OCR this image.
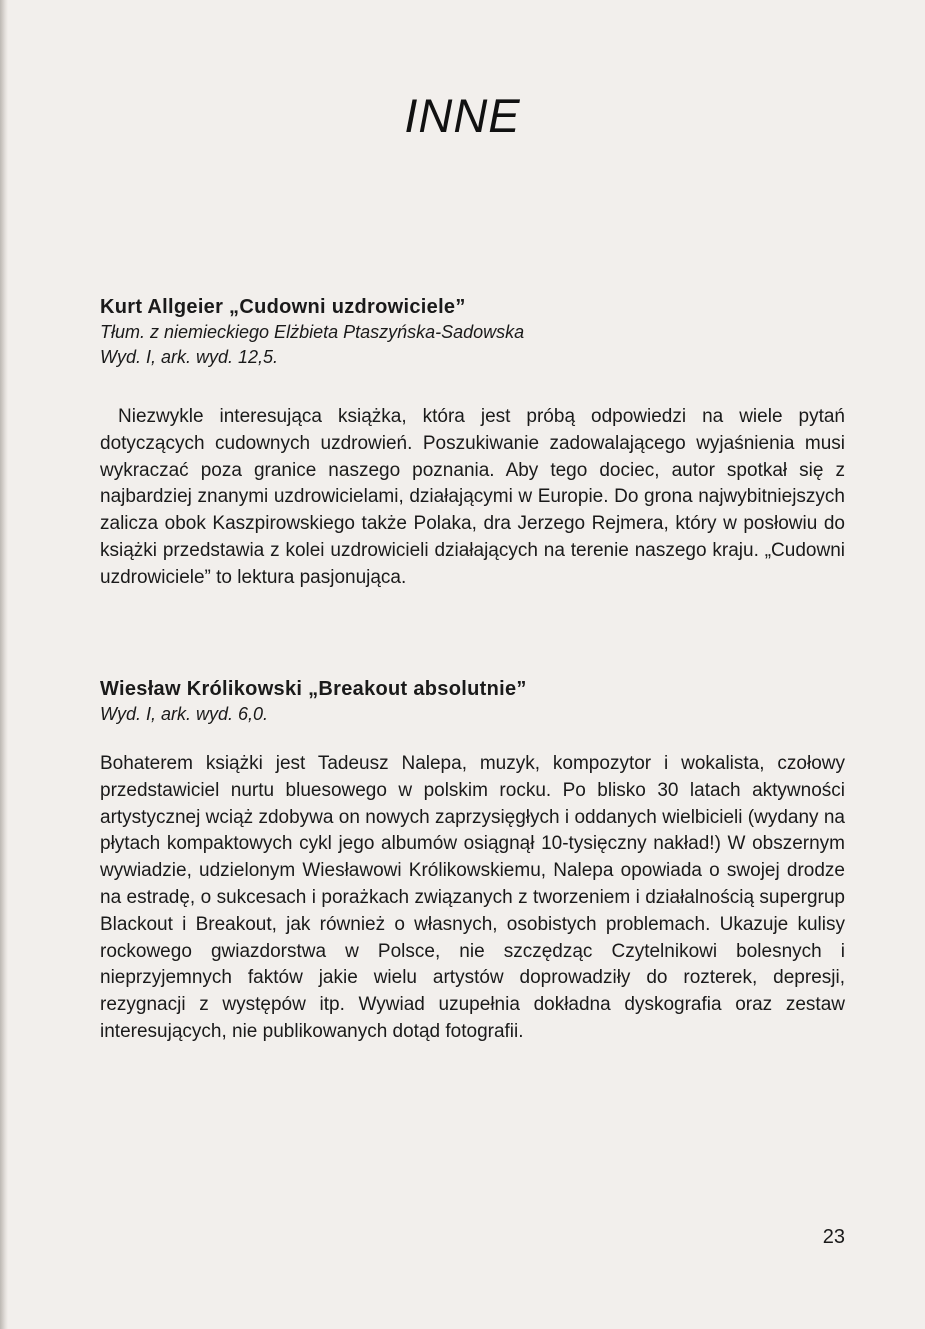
INNE
Kurt Allgeier „Cudowni uzdrowiciele”

Tłum. z niemieckiego Elżbieta Ptaszyńska-Sadowska

Wyd. I, ark. wyd. 12,5.

Niezwykle interesująca książka, która jest próbą odpowiedzi na wiele pytań dotyczących cudownych uzdrowień. Poszukiwanie zadowalającego wyjaśnienia musi wykraczać poza granice naszego poznania. Aby tego dociec, autor spotkał się z najbardziej znanymi uzdrowicielami, działającymi w Europie. Do grona najwybitniejszych zalicza obok Kaszpirowskiego także Polaka, dra Jerzego Rejmera, który w posłowiu do książki przedstawia z kolei uzdrowicieli działających na terenie naszego kraju. „Cudowni uzdrowiciele” to lektura pasjonująca.

Wiesław Królikowski „Breakout absolutnie”

Wyd. I, ark. wyd. 6,0.

Bohaterem książki jest Tadeusz Nalepa, muzyk, kompozytor i wokalista, czołowy przedstawiciel nurtu bluesowego w polskim rocku. Po blisko 30 latach aktywności artystycznej wciąż zdobywa on nowych zaprzysięgłych i oddanych wielbicieli (wydany na płytach kompaktowych cykl jego albumów osiągnął 10-tysięczny nakład!) W obszernym wywiadzie, udzielonym Wiesławowi Królikowskiemu, Nalepa opowiada o swojej drodze na estradę, o sukcesach i porażkach związanych z tworzeniem i działalnością supergrup Blackout i Breakout, jak również o własnych, osobistych problemach. Ukazuje kulisy rockowego gwiazdorstwa w Polsce, nie szczędząc Czytelnikowi bolesnych i nieprzyjemnych faktów jakie wielu artystów doprowadziły do rozterek, depresji, rezygnacji z występów itp. Wywiad uzupełnia dokładna dyskografia oraz zestaw interesujących, nie publikowanych dotąd fotografii.

23
